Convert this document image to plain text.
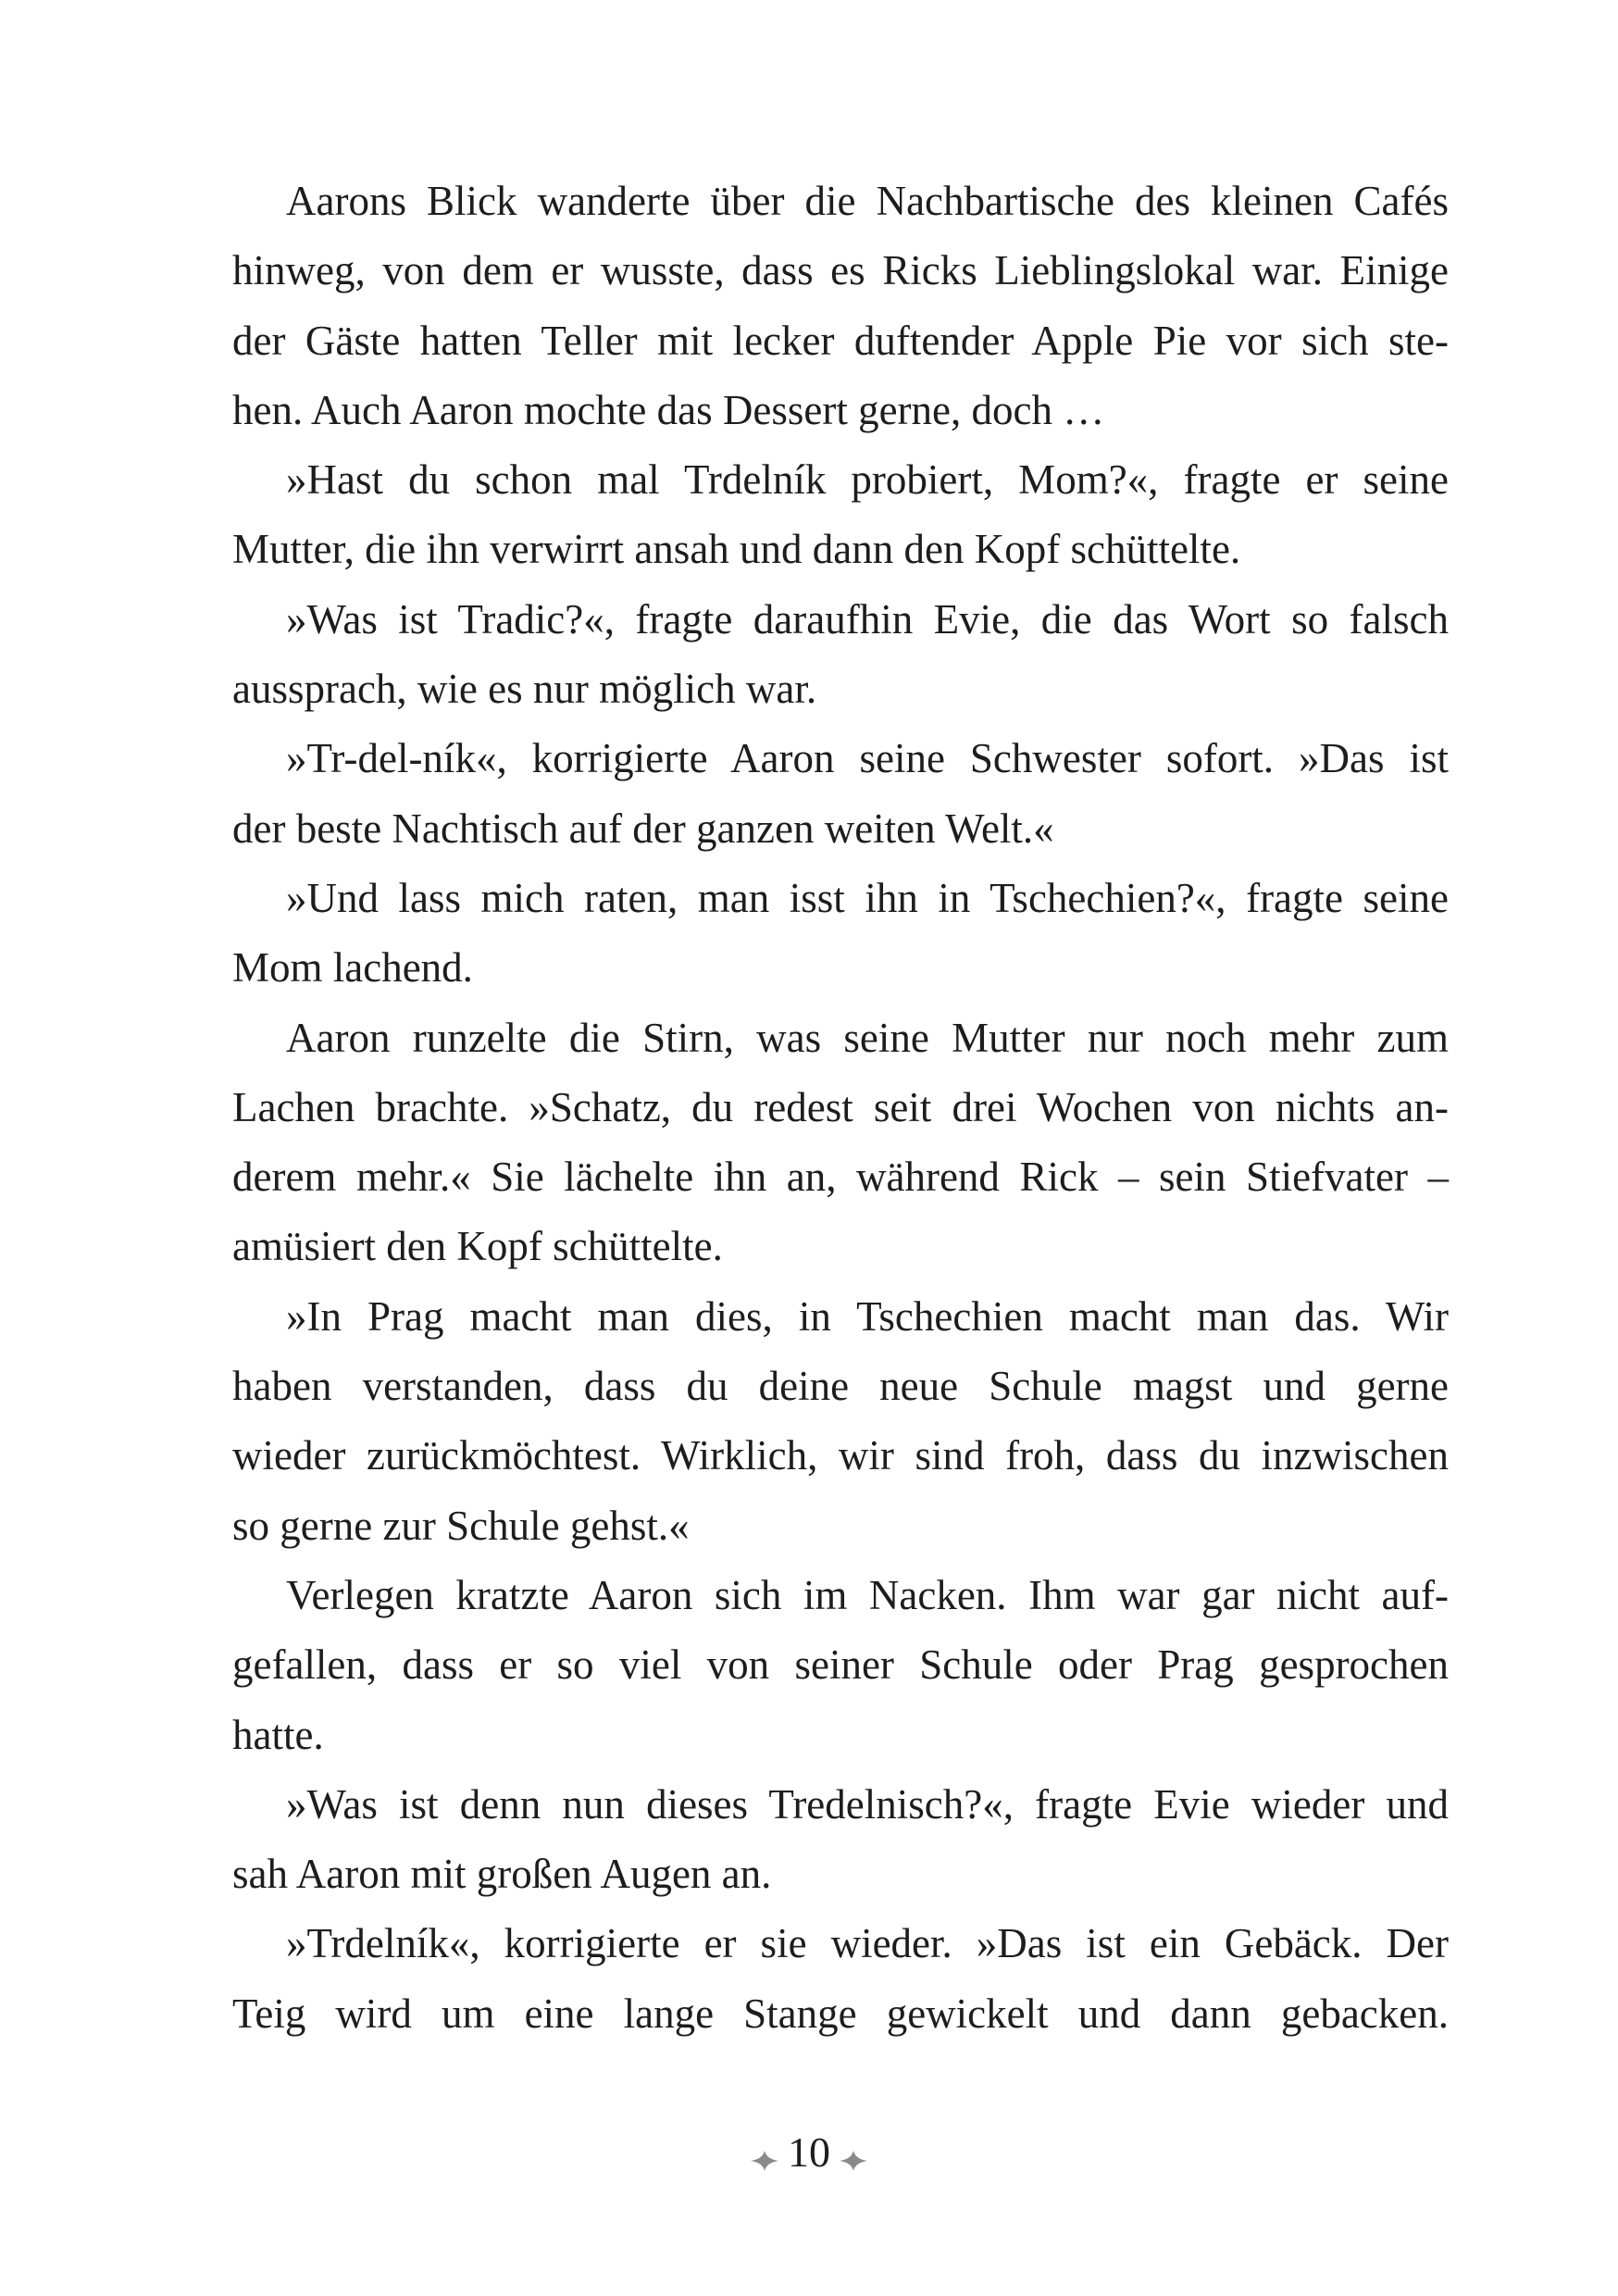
Aarons Blick wanderte über die Nachbartische des kleinen Cafés
hinweg, von dem er wusste, dass es Ricks Lieblingslokal war. Einige
der Gäste hatten Teller mit lecker duftender Apple Pie vor sich ste-
hen. Auch Aaron mochte das Dessert gerne, doch …
»Hast du schon mal Trdelník probiert, Mom?«, fragte er seine
Mutter, die ihn verwirrt ansah und dann den Kopf schüttelte.
»Was ist Tradic?«, fragte daraufhin Evie, die das Wort so falsch
aussprach, wie es nur möglich war.
»Tr-del-ník«, korrigierte Aaron seine Schwester sofort. »Das ist
der beste Nachtisch auf der ganzen weiten Welt.«
»Und lass mich raten, man isst ihn in Tschechien?«, fragte seine
Mom lachend.
Aaron runzelte die Stirn, was seine Mutter nur noch mehr zum
Lachen brachte. »Schatz, du redest seit drei Wochen von nichts an-
derem mehr.« Sie lächelte ihn an, während Rick – sein Stiefvater –
amüsiert den Kopf schüttelte.
»In Prag macht man dies, in Tschechien macht man das. Wir
haben verstanden, dass du deine neue Schule magst und gerne
wieder zurückmöchtest. Wirklich, wir sind froh, dass du inzwischen
so gerne zur Schule gehst.«
Verlegen kratzte Aaron sich im Nacken. Ihm war gar nicht auf-
gefallen, dass er so viel von seiner Schule oder Prag gesprochen
hatte.
»Was ist denn nun dieses Tredelnisch?«, fragte Evie wieder und
sah Aaron mit großen Augen an.
»Trdelník«, korrigierte er sie wieder. »Das ist ein Gebäck. Der
Teig wird um eine lange Stange gewickelt und dann gebacken.
10
